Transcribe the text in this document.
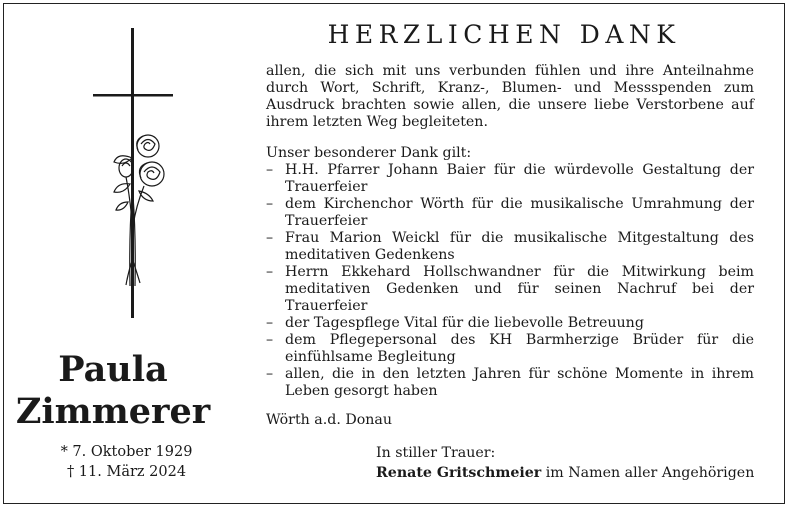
Paula
Zimmerer
* 7. Oktober 1929
† 11. März 2024
HERZLICHEN DANK
allen, die sich mit uns verbunden fühlen und ihre Anteilnahme durch Wort, Schrift, Kranz-, Blumen- und Messspenden zum Ausdruck brachten sowie allen, die unsere liebe Verstorbene auf ihrem letzten Weg begleiteten.
Unser besonderer Dank gilt:
– H.H. Pfarrer Johann Baier für die würdevolle Gestaltung der Trauerfeier
– dem Kirchenchor Wörth für die musikalische Umrahmung der Trauerfeier
– Frau Marion Weickl für die musikalische Mitgestaltung des meditativen Gedenkens
– Herrn Ekkehard Hollschwandner für die Mitwirkung beim meditativen Gedenken und für seinen Nachruf bei der Trauerfeier
– der Tagespflege Vital für die liebevolle Betreuung
– dem Pflegepersonal des KH Barmherzige Brüder für die einfühlsame Begleitung
– allen, die in den letzten Jahren für schöne Momente in ihrem Leben gesorgt haben
Wörth a.d. Donau
In stiller Trauer:
Renate Gritschmeier im Namen aller Angehörigen
